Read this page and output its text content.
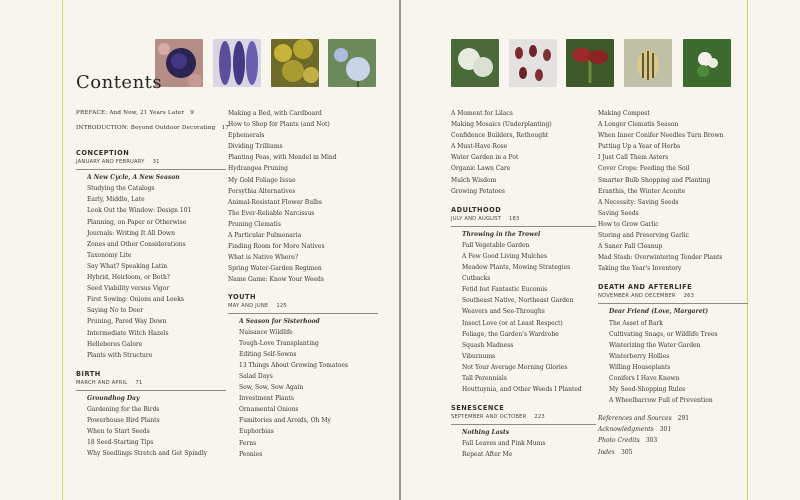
Contents
PREFACE: And Now, 21 Years Later 9
INTRODUCTION: Beyond Outdoor Decorating 17
CONCEPTION
JANUARY AND FEBRUARY 31
A New Cycle, A New Season
Studying the Catalogs
Early, Middle, Late
Look Out the Window: Design 101
Planning, on Paper or Otherwise
Journals: Writing It All Down
Zones and Other Considerations
Taxonomy Lite
Say What? Speaking Latin
Hybrid, Heirloom, or Both?
Seed Viability versus Vigor
First Sowing: Onions and Leeks
Saying No to Deer
Pruning, Pared Way Down
Intermediate Witch Hazels
Hellebores Galore
Plants with Structure
BIRTH
MARCH AND APRIL 71
Groundhog Day
Gardening for the Birds
Powerhouse Bird Plants
When to Start Seeds
18 Seed-Starting Tips
Why Seedlings Stretch and Get Spindly
Making a Bed, with Cardboard
How to Shop for Plants (and Not)
Ephemerals
Dividing Trilliums
Planting Peas, with Mendel in Mind
Hydrangea Pruning
My Gold Foliage Issue
Forsythia Alternatives
Animal-Resistant Flower Bulbs
The Ever-Reliable Narcissus
Pruning Clematis
A Particular Pulmonaria
Finding Room for More Natives
What is Native Where?
Spring Water-Garden Regimen
Name Game: Know Your Weeds
YOUTH
MAY AND JUNE 125
A Season for Sisterhood
Nuisance Wildlife
Tough-Love Transplanting
Editing Self-Sowns
13 Things About Growing Tomatoes
Salad Days
Sow, Sow, Sow Again
Investment Plants
Ornamental Onions
Fumitories and Aroids, Oh My
Euphorbias
Ferns
Peonies
A Moment for Lilacs
Making Mosaics (Underplanting)
Confidence Builders, Rethought
A Must-Have Rose
Water Garden in a Pot
Organic Lawn Care
Mulch Wisdom
Growing Potatoes
ADULTHOOD
JULY AND AUGUST 183
Throwing in the Trowel
Fall Vegetable Garden
A Few Good Living Mulches
Meadow Plants, Mowing Strategies
Cutbacks
Fetid but Fantastic Eucomis
Southeast Native, Northeast Garden
Weavers and See-Throughs
Insect Love (or at Least Respect)
Foliage, the Garden's Wardrobe
Squash Madness
Viburnums
Not Your Average Morning Glories
Tall Perennials
Houttuynia, and Other Weeds I Planted
SENESCENCE
SEPTEMBER AND OCTOBER 223
Nothing Lasts
Fall Leaves and Pink Mums
Repeat After Me
Making Compost
A Longer Clematis Season
When Inner Conifer Needles Turn Brown
Putting Up a Year of Herbs
I Just Call Them Asters
Cover Crops: Feeding the Soil
Smarter Bulb Shopping and Planting
Eranthis, the Winter Aconite
A Necessity: Saving Seeds
Saving Seeds
How to Grow Garlic
Storing and Preserving Garlic
A Saner Fall Cleanup
Mad Stash: Overwintering Tender Plants
Taking the Year's Inventory
DEATH AND AFTERLIFE
NOVEMBER AND DECEMBER 263
Dear Friend (Love, Margaret)
The Asset of Bark
Cultivating Snags, or Wildlife Trees
Winterizing the Water Garden
Winterberry Hollies
Willing Houseplants
Conifers I Have Known
My Seed-Shopping Rules
A Wheelbarrow Full of Prevention
References and Sources 291
Acknowledgments 301
Photo Credits 303
Index 305
